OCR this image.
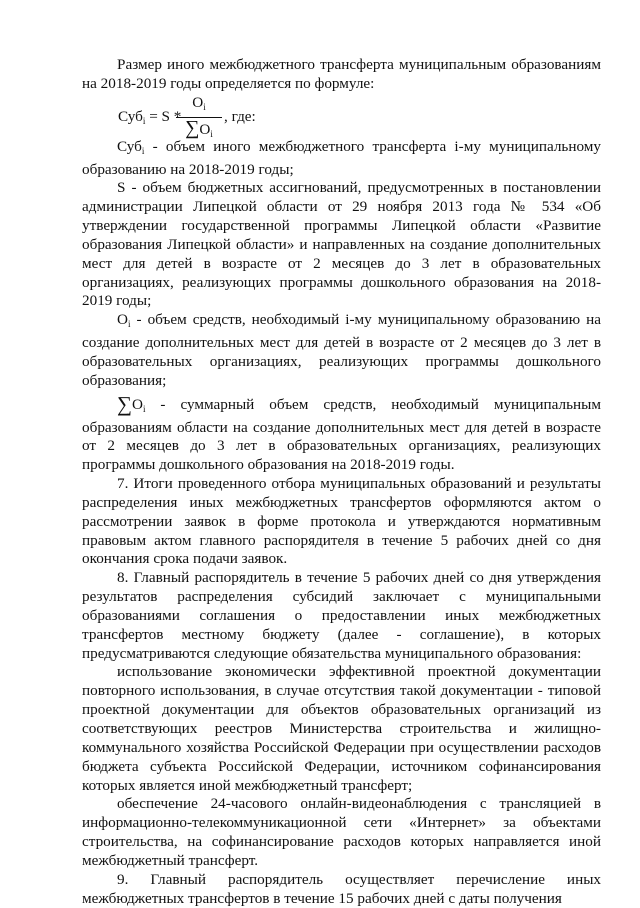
Размер иного межбюджетного трансферта муниципальным образованиям на 2018-2019 годы определяется по формуле:

Суб$_i$ = S *
$O_i$
$\sum O_i$
, где:

Суб$_i$ - объем иного межбюджетного трансферта i-му муниципальному образованию на 2018-2019 годы;

S - объем бюджетных ассигнований, предусмотренных в постановлении администрации Липецкой области от 29 ноября 2013 года № 534 «Об утверждении государственной программы Липецкой области «Развитие образования Липецкой области» и направленных на создание дополнительных мест для детей в возрасте от 2 месяцев до 3 лет в образовательных организациях, реализующих программы дошкольного образования на 2018-2019 годы;

$O_i$ - объем средств, необходимый i-му муниципальному образованию на создание дополнительных мест для детей в возрасте от 2 месяцев до 3 лет в образовательных организациях, реализующих программы дошкольного образования;

$\sum O_i$ - суммарный объем средств, необходимый муниципальным образованиям области на создание дополнительных мест для детей в возрасте от 2 месяцев до 3 лет в образовательных организациях, реализующих программы дошкольного образования на 2018-2019 годы.

7. Итоги проведенного отбора муниципальных образований и результаты распределения иных межбюджетных трансфертов оформляются актом о рассмотрении заявок в форме протокола и утверждаются нормативным правовым актом главного распорядителя в течение 5 рабочих дней со дня окончания срока подачи заявок.

8. Главный распорядитель в течение 5 рабочих дней со дня утверждения результатов распределения субсидий заключает с муниципальными образованиями соглашения о предоставлении иных межбюджетных трансфертов местному бюджету (далее - соглашение), в которых предусматриваются следующие обязательства муниципального образования:

использование экономически эффективной проектной документации повторного использования, в случае отсутствия такой документации - типовой проектной документации для объектов образовательных организаций из соответствующих реестров Министерства строительства и жилищно-коммунального хозяйства Российской Федерации при осуществлении расходов бюджета субъекта Российской Федерации, источником софинансирования которых является иной межбюджетный трансферт;

обеспечение 24-часового онлайн-видеонаблюдения с трансляцией в информационно-телекоммуникационной сети «Интернет» за объектами строительства, на софинансирование расходов которых направляется иной межбюджетный трансферт.

9. Главный распорядитель осуществляет перечисление иных межбюджетных трансфертов в течение 15 рабочих дней с даты получения
